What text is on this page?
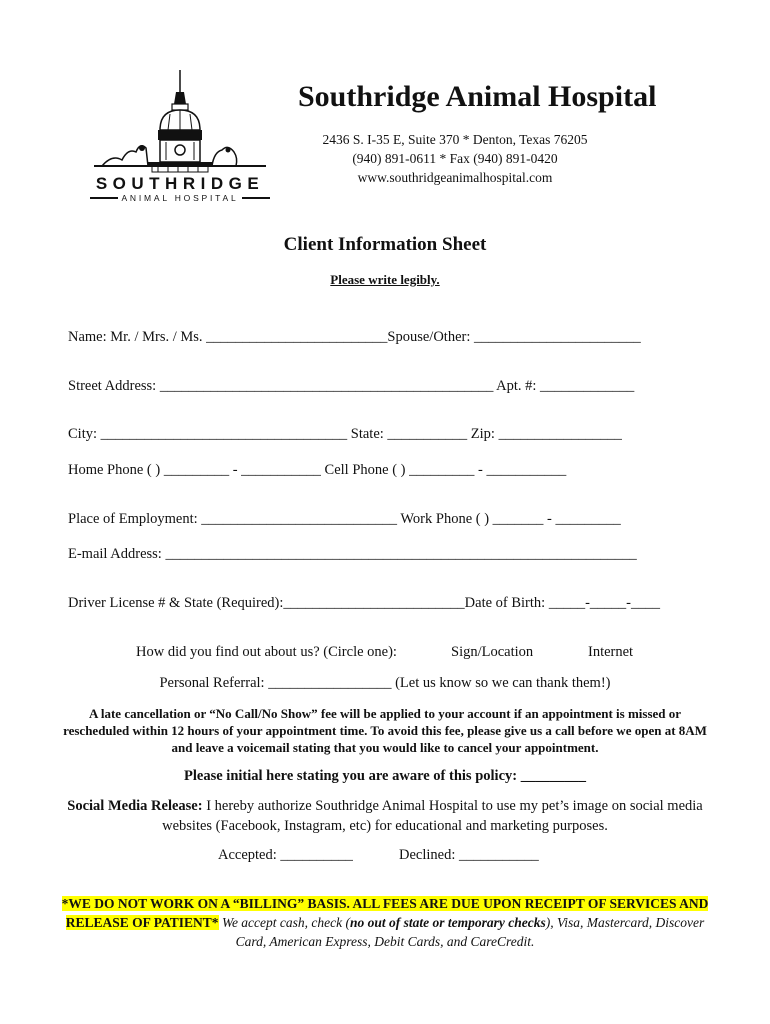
SOUTHRIDGE
ANIMAL HOSPITAL
Southridge Animal Hospital
2436 S. I-35 E, Suite 370 * Denton, Texas 76205
(940) 891-0611 * Fax (940) 891-0420
www.southridgeanimalhospital.com
Client Information Sheet
Please write legibly.
Name: Mr. / Mrs. / Ms. _________________________Spouse/Other: _______________________
Street Address: ______________________________________________ Apt. #: _____________
City: __________________________________ State: ___________ Zip: _________________
Home Phone ( ) _________ - ___________ Cell Phone ( ) _________ - ___________
Place of Employment: ___________________________ Work Phone ( ) _______ - _________
E-mail Address: _________________________________________________________________
Driver License # & State (Required):_________________________Date of Birth: _____-_____-____
How did you find out about us? (Circle one):	Sign/Location	Internet
Personal Referral: _________________ (Let us know so we can thank them!)
A late cancellation or “No Call/No Show” fee will be applied to your account if an appointment is missed or rescheduled within 12 hours of your appointment time. To avoid this fee, please give us a call before we open at 8AM and leave a voicemail stating that you would like to cancel your appointment.
Please initial here stating you are aware of this policy: _________
Social Media Release: I hereby authorize Southridge Animal Hospital to use my pet’s image on social media websites (Facebook, Instagram, etc) for educational and marketing purposes.
Accepted: __________	Declined: ___________
*WE DO NOT WORK ON A “BILLING” BASIS. ALL FEES ARE DUE UPON RECEIPT OF SERVICES AND RELEASE OF PATIENT* We accept cash, check (no out of state or temporary checks), Visa, Mastercard, Discover Card, American Express, Debit Cards, and CareCredit.
